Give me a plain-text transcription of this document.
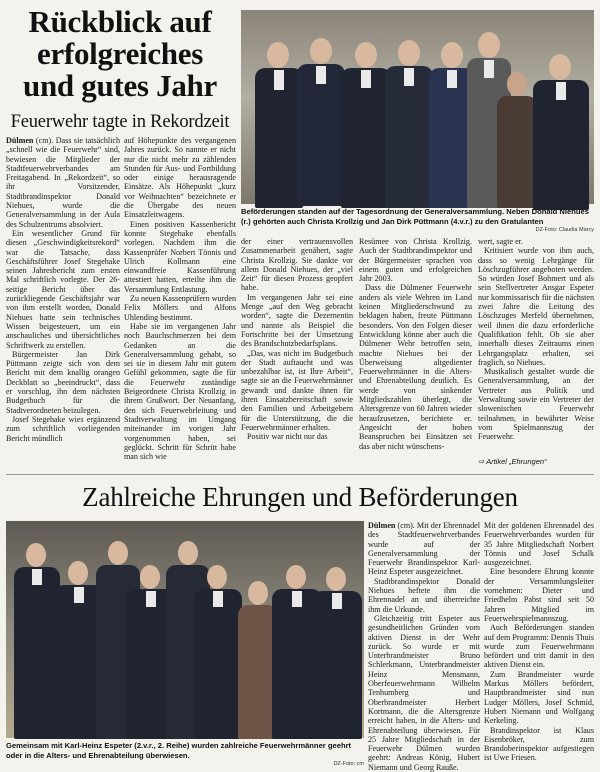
Rückblick auf
erfolgreiches
und gutes Jahr
Feuerwehr tagte in Rekordzeit
Beförderungen standen auf der Tagesordnung der Generalversammlung. Neben Donald Niehues (r.) gehörten auch Christa Krollzig und Jan Dirk Püttmann (4.v.r.) zu den Gratulanten
DZ-Foto: Claudia Marcy

Dülmen (cm). Dass sie tatsächlich „schnell wie die Feuerwehr“ sind, bewiesen die Mitglieder der Stadtfeuerwehrverbandes am Freitagabend. In „Rekordzeit“, so ihr Vorsitzender, Stadtbrandinspektor Donald Niehues, wurde die Generalversammlung in der Aula des Schulzentrums absolviert.

Ein wesentlicher Grund für diesen „Geschwindigkeitsrekord“ war die Tatsache, dass Geschäftsführer Josef Stegehake seinen Jahresbericht zum ersten Mal schriftlich vorlegte. Der 26-seitige Bericht über das zurückliegende Geschäftsjahr war von ihm erstellt worden, Donald Niehues hatte sein technisches Wissen beigesteuert, um ein anschauliches und übersichtliches Schriftwerk zu erstellen.

Bürgermeister Jan Dirk Püttmann zeigte sich von dem Bericht mit dem knallig orangen Deckblatt so „beeindruckt“, dass er vorschlug, ihn dem nächsten Budgetbuch für die Stadtverordneten beizulegen.

Josef Stegehake wies ergänzend zum schriftlich vorliegenden Bericht mündlich

auf Höhepunkte des vergangenen Jahres zurück. So nannte er nicht nur die nicht mehr zu zählenden Stunden für Aus- und Fortbildung oder einige herausragende Einsätze. Als Höhepunkt „kurz vor Weihnachten“ bezeichnete er die Übergabe des neuen Einsatzleitwagens.

Einen positiven Kassenbericht konnte Stegehake ebenfalls vorlegen. Nachdem ihm die Kassenprüfer Norbert Tönnis und Ulrich Kollmann eine einwandfreie Kassenführung attestiert hatten, erteilte ihm die Versammlung Entlastung.

Zu neuen Kassenprüfern wurden Felix Möllers und Alfons Uhlending bestimmt.

Habe sie im vergangenen Jahr noch Bauchschmerzen bei dem Gedanken an die Generalversammlung gehabt, so sei sie in diesem Jahr mit gutem Gefühl gekommen, sagte die für die Feuerwehr zuständige Beigeordnete Christa Krollzig in ihrem Grußwort. Der Neuanfang, den sich Feuerwehrleitung und Stadtverwaltung im Umgang miteinander im vorigen Jahr vorgenommen haben, sei geglückt. Schritt für Schritt habe man sich wie

der einer vertrauensvollen Zusammenarbeit genähert, sagte Christa Krollzig. Sie dankte vor allem Donald Niehues, der „viel Zeit“ für diesen Prozess geopfert habe.

Im vergangenen Jahr sei eine Menge „auf den Weg gebracht worden“, sagte die Dezernentin und nannte als Beispiel die Fortschritte bei der Umsetzung des Brandschutzbedarfsplans.

„Das, was nicht im Budgetbuch der Stadt auftaucht und was unbezahlbar ist, ist Ihre Arbeit“, sagte sie an die Feuerwehrmänner gewandt und dankte ihnen für ihren Einsatzbereitschaft sowie den Familien und Arbeitgebern für die Unterstützung, die die Feuerwehrmänner erhalten.

Positiv war nicht nur das

Resümee von Christa Krollzig. Auch der Stadtbrandinspektor und der Bürgermeister sprachen von einem guten und erfolgreichen Jahr 2003.

Dass die Dülmener Feuerwehr anders als viele Wehren im Land keinen Mitgliederschwund zu beklagen haben, freute Püttmann besonders. Von den Folgen dieser Entwicklung könne aber auch die Dülmener Wehr betroffen sein, machte Niehues bei der Überweisung altgedienter Feuerwehrmänner in die Alters- und Ehrenabteilung deutlich. Es werde von sinkender Mitgliedszahlen überlegt, die Altersgrenze von 60 Jahren wieder heraufzusetzen, berichtete er. Angesicht der hohen Beanspruchen bei Einsätzen sei das aber nicht wünschens-

wert, sagte er.

Kritisiert wurde von ihm auch, dass so wenig Lehrgänge für Löschzugführer angeboten werden. So würden Josef Bohmert und als sein Stellvertreter Ansgar Espeter nur kommissarisch für die nächsten zwei Jahre die Leitung des Löschzuges Merfeld übernehmen, weil ihnen die dazu erforderliche Qualifikation fehlt. Ob sie aber innerhalb dieses Zeitraums einen Lehrgangsplatz erhalten, sei fraglich, so Niehues.

Musikalisch gestaltet wurde die Generalversammlung, an der Vertreter aus Politik und Verwaltung sowie ein Vertreter der slowenischen Feuerwehr teilnahmen, in bewährter Weise vom Spielmannszug der Feuerwehr.

⇨ Artikel „Ehrungen“
Zahlreiche Ehrungen und Beförderungen
Gemeinsam mit Karl-Heinz Espeter (2.v.r., 2. Reihe) wurden zahlreiche Feuerwehrmänner geehrt oder in die Alters- und Ehrenabteilung überwiesen.
DZ-Foto: cm

Dülmen (cm). Mit der Ehrennadel des Stadtfeuerwehrverbandes wurde auf der Generalversammlung der Feuerwehr Brandinspektor Karl-Heinz Espeter ausgezeichnet.

Stadtbrandinspektor Donald Niehues heftete ihm die Ehrennadel an und überreichte ihm die Urkunde.

Gleichzeitig tritt Espeter aus gesundheitlichen Gründen vom aktiven Dienst in der Wehr zurück. So wurde er mit Unterbrandmeister Bruno Schlerkmann, Unterbrandmeister Heinz Mensmann, Oberfeuerwehrmann Wilhelm Tenhumberg und Oberbrandmeister Herbert Kortmann, die die Altersgrenze erreicht haben, in die Alters- und Ehrenabteilung überwiesen. Für 25 Jahre Mitgliedschaft in der Feuerwehr Dülmen wurden geehrt: Andreas König, Hubert Niemann und Georg Rauße.

Mit der goldenen Ehrennadel des Feuerwehrverbandes wurden für 35 Jahre Mitgliedschaft Norbert Tönnis und Josef Schalk ausgezeichnet.

Eine besondere Ehrung konnte der Versammlungsleiter vornehmen: Dieter und Friedhelm Pabst sind seit 50 Jahren Mitglied im Feuerwehrspielmannszug.

Auch Beförderungen standen auf dem Programm: Dennis Thuis wurde zum Feuerwehrmann befördert und tritt damit in den aktiven Dienst ein.

Zum Brandmeister wurde Markus Möllers befördert, Hauptbrandmeister sind nun Ludger Möllers, Josef Schmid, Hubert Niemann und Wolfgang Kerkeling.

Brandinspektor ist Klaus Eisenbröker, zum Brandoberinspektor aufgestiegen ist Uwe Friesen.
